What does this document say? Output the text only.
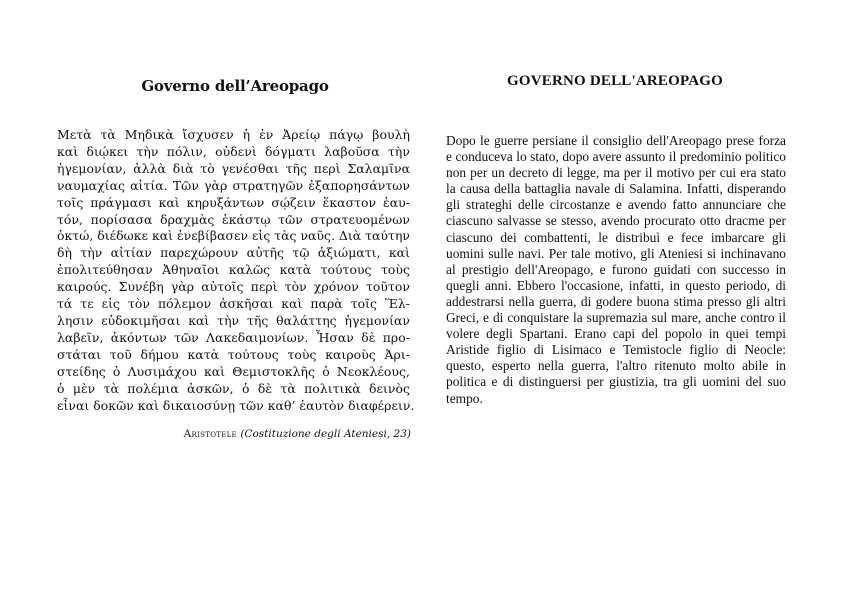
Governo dell’Areopago
Μετὰ τὰ Μηδικὰ ἴσχυσεν ἡ ἐν Ἀρείῳ πάγῳ βουλὴ
καὶ διῴκει τὴν πόλιν, οὐδενὶ δόγματι λαβοῦσα τὴν
ἡγεμονίαν, ἀλλὰ διὰ τὸ γενέσθαι τῆς περὶ Σαλαμῖνα
ναυμαχίας αἰτία. Τῶν γὰρ στρατηγῶν ἐξαπορησάντων
τοῖς πράγμασι καὶ κηρυξάντων σῴζειν ἕκαστον ἑαυ-
τόν, πορίσασα δραχμὰς ἑκάστῳ τῶν στρατευομένων
ὀκτώ, διέδωκε καὶ ἐνεβίβασεν εἰς τὰς ναῦς. Διὰ ταύτην
δὴ τὴν αἰτίαν παρεχώρουν αὐτῆς τῷ ἀξιώματι, καὶ
ἐπολιτεύθησαν Ἀθηναῖοι καλῶς κατὰ τούτους τοὺς
καιρούς. Συνέβη γὰρ αὐτοῖς περὶ τὸν χρόνον τοῦτον
τά τε εἰς τὸν πόλεμον ἀσκῆσαι καὶ παρὰ τοῖς Ἕλ-
λησιν εὐδοκιμῆσαι καὶ τὴν τῆς θαλάττης ἡγεμονίαν
λαβεῖν, ἀκόντων τῶν Λακεδαιμονίων. Ἦσαν δὲ προ-
στάται τοῦ δήμου κατὰ τούτους τοὺς καιροὺς Ἀρι-
στείδης ὁ Λυσιμάχου καὶ Θεμιστοκλῆς ὁ Νεοκλέους,
ὁ μὲν τὰ πολέμια ἀσκῶν, ὁ δὲ τὰ πολιτικὰ δεινὸς
εἶναι δοκῶν καὶ δικαιοσύνῃ τῶν καθ’ ἑαυτὸν διαφέρειν.
Aristotele (Costituzione degli Ateniesi, 23)
GOVERNO DELL'AREOPAGO
Dopo le guerre persiane il consiglio dell'Areopago prese forza e conduceva lo stato, dopo avere assunto il predominio politico non per un decreto di legge, ma per il motivo per cui era stato la causa della battaglia navale di Salamina. Infatti, disperando gli strateghi delle circostanze e avendo fatto annunciare che ciascuno salvasse se stesso, avendo procurato otto dracme per ciascuno dei combattenti, le distribuì e fece imbarcare gli uomini sulle navi. Per tale motivo, gli Ateniesi si inchinavano al prestigio dell'Areopago, e furono guidati con successo in quegli anni. Ebbero l'occasione, infatti, in questo periodo, di addestrarsi nella guerra, di godere buona stima presso gli altri Greci, e di conquistare la supremazia sul mare, anche contro il volere degli Spartani. Erano capi del popolo in quei tempi Aristide figlio di Lisimaco e Temistocle figlio di Neocle: questo, esperto nella guerra, l'altro ritenuto molto abile in politica e di distinguersi per giustizia, tra gli uomini del suo tempo.
